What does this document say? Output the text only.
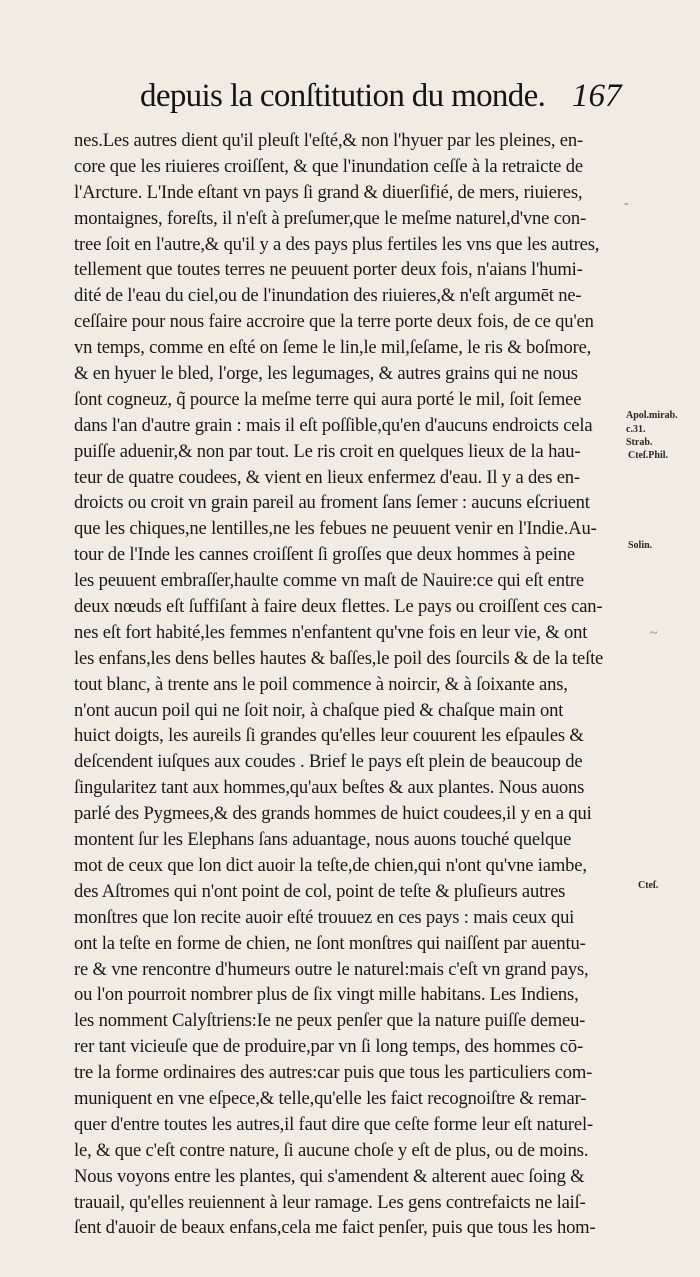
depuis la conſtitution du monde. 167
nes.Les autres dient qu'il pleuſt l'eſté,& non l'hyuer par les pleines, en-
core que les riuieres croiſſent, & que l'inundation ceſſe à la retraicte de
l'Arcture. L'Inde eſtant vn pays ſi grand & diuerſifié, de mers, riuieres,
montaignes, foreſts, il n'eſt à preſumer,que le meſme naturel,d'vne con-
tree ſoit en l'autre,& qu'il y a des pays plus fertiles les vns que les autres,
tellement que toutes terres ne peuuent porter deux fois, n'aians l'humi-
dité de l'eau du ciel,ou de l'inundation des riuieres,& n'eſt argumēt ne-
ceſſaire pour nous faire accroire que la terre porte deux fois, de ce qu'en
vn temps, comme en eſté on ſeme le lin,le mil,ſeſame, le ris & boſmore,
& en hyuer le bled, l'orge, les legumages, & autres grains qui ne nous
ſont cogneuz, q̃ pource la meſme terre qui aura porté le mil, ſoit ſemee
dans l'an d'autre grain : mais il eſt poſſible,qu'en d'aucuns endroicts cela
puiſſe aduenir,& non par tout. Le ris croit en quelques lieux de la hau-
teur de quatre coudees, & vient en lieux enfermez d'eau. Il y a des en-
droicts ou croit vn grain pareil au froment ſans ſemer : aucuns eſcriuent
que les chiques,ne lentilles,ne les febues ne peuuent venir en l'Indie.Au-
tour de l'Inde les cannes croiſſent ſi groſſes que deux hommes à peine
les peuuent embraſſer,haulte comme vn maſt de Nauire:ce qui eſt entre
deux nœuds eſt ſuffiſant à faire deux flettes. Le pays ou croiſſent ces can-
nes eſt fort habité,les femmes n'enfantent qu'vne fois en leur vie, & ont
les enfans,les dens belles hautes & baſſes,le poil des ſourcils & de la teſte
tout blanc, à trente ans le poil commence à noircir, & à ſoixante ans,
n'ont aucun poil qui ne ſoit noir, à chaſque pied & chaſque main ont
huict doigts, les aureils ſi grandes qu'elles leur couurent les eſpaules &
deſcendent iuſques aux coudes . Brief le pays eſt plein de beaucoup de
ſingularitez tant aux hommes,qu'aux beſtes & aux plantes. Nous auons
parlé des Pygmees,& des grands hommes de huict coudees,il y en a qui
montent ſur les Elephans ſans aduantage, nous auons touché quelque
mot de ceux que lon dict auoir la teſte,de chien,qui n'ont qu'vne iambe,
des Aſtromes qui n'ont point de col, point de teſte & pluſieurs autres
monſtres que lon recite auoir eſté trouuez en ces pays : mais ceux qui
ont la teſte en forme de chien, ne ſont monſtres qui naiſſent par auentu-
re & vne rencontre d'humeurs outre le naturel:mais c'eſt vn grand pays,
ou l'on pourroit nombrer plus de ſix vingt mille habitans. Les Indiens,
les nomment Calyſtriens:Ie ne peux penſer que la nature puiſſe demeu-
rer tant vicieuſe que de produire,par vn ſi long temps, des hommes cō-
tre la forme ordinaires des autres:car puis que tous les particuliers com-
muniquent en vne eſpece,& telle,qu'elle les faict recognoiſtre & remar-
quer d'entre toutes les autres,il faut dire que ceſte forme leur eſt naturel-
le, & que c'eſt contre nature, ſi aucune choſe y eſt de plus, ou de moins.
Nous voyons entre les plantes, qui s'amendent & alterent auec ſoing &
trauail, qu'elles reuiennent à leur ramage. Les gens contrefaicts ne laiſ-
ſent d'auoir de beaux enfans,cela me faict penſer, puis que tous les hom-
Apol.mirab.
c.31.
Strab.
Cteſ.Phil.
Solin.
Cteſ.
-
~
